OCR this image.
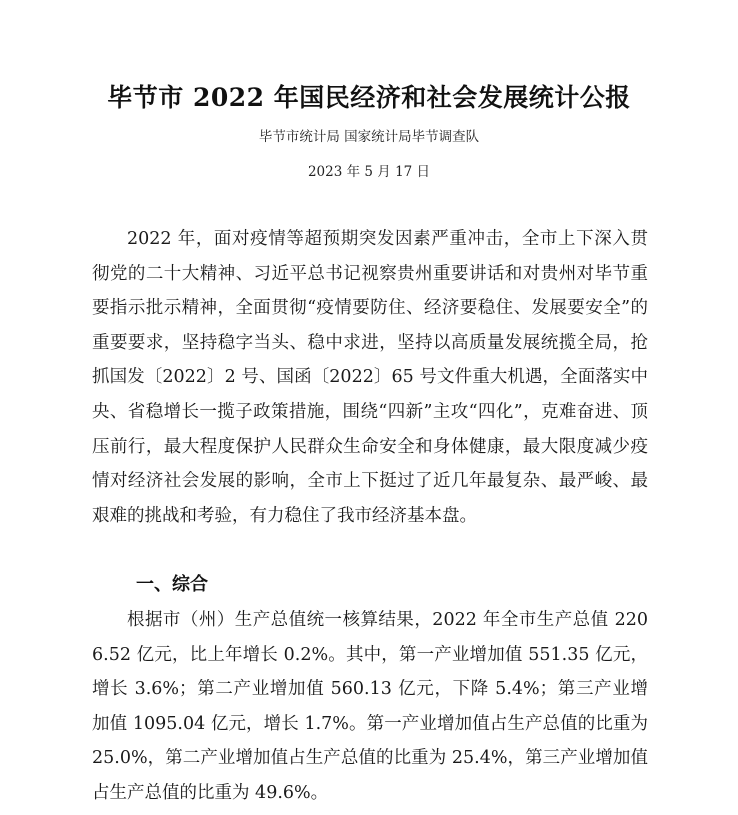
毕节市 2022 年国民经济和社会发展统计公报
毕节市统计局 国家统计局毕节调查队
2023 年 5 月 17 日

2022 年，面对疫情等超预期突发因素严重冲击，全市上下深入贯彻党的二十大精神、习近平总书记视察贵州重要讲话和对贵州对毕节重要指示批示精神，全面贯彻“疫情要防住、经济要稳住、发展要安全”的重要要求，坚持稳字当头、稳中求进，坚持以高质量发展统揽全局，抢抓国发〔2022〕2 号、国函〔2022〕65 号文件重大机遇，全面落实中央、省稳增长一揽子政策措施，围绕“四新”主攻“四化”，克难奋进、顶压前行，最大程度保护人民群众生命安全和身体健康，最大限度减少疫情对经济社会发展的影响，全市上下挺过了近几年最复杂、最严峻、最艰难的挑战和考验，有力稳住了我市经济基本盘。

一、综合

根据市（州）生产总值统一核算结果，2022 年全市生产总值 2206.52 亿元，比上年增长 0.2%。其中，第一产业增加值 551.35 亿元，增长 3.6%；第二产业增加值 560.13 亿元，下降 5.4%；第三产业增加值 1095.04 亿元，增长 1.7%。第一产业增加值占生产总值的比重为 25.0%，第二产业增加值占生产总值的比重为 25.4%，第三产业增加值占生产总值的比重为 49.6%。
